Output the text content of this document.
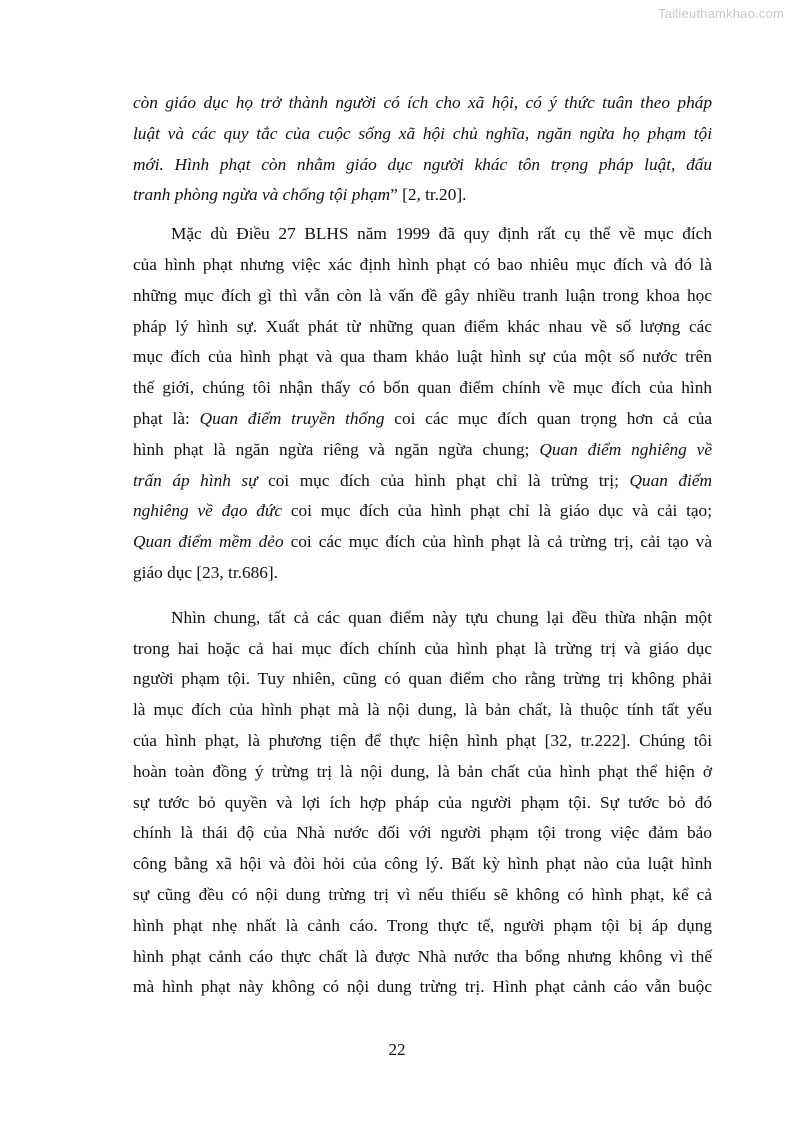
Tailieuthamkhao.com
còn giáo dục họ trở thành người có ích cho xã hội, có ý thức tuân theo pháp
luật và các quy tắc của cuộc sống xã hội chủ nghĩa, ngăn ngừa họ phạm tội
mới. Hình phạt còn nhằm giáo dục người khác tôn trọng pháp luật, đấu
tranh phòng ngừa và chống tội phạm” [2, tr.20].
Mặc dù Điều 27 BLHS năm 1999 đã quy định rất cụ thể về mục đích
của hình phạt nhưng việc xác định hình phạt có bao nhiêu mục đích và đó là
những mục đích gì thì vẫn còn là vấn đề gây nhiều tranh luận trong khoa học
pháp lý hình sự. Xuất phát từ những quan điểm khác nhau về số lượng các
mục đích của hình phạt và qua tham khảo luật hình sự của một số nước trên
thế giới, chúng tôi nhận thấy có bốn quan điểm chính về mục đích của hình
phạt là: Quan điểm truyền thống coi các mục đích quan trọng hơn cả của
hình phạt là ngăn ngừa riêng và ngăn ngừa chung; Quan điểm nghiêng về
trấn áp hình sự coi mục đích của hình phạt chỉ là trừng trị; Quan điểm
nghiêng về đạo đức coi mục đích của hình phạt chỉ là giáo dục và cải tạo;
Quan điểm mềm dẻo coi các mục đích của hình phạt là cả trừng trị, cải tạo và
giáo dục [23, tr.686].
Nhìn chung, tất cả các quan điểm này tựu chung lại đều thừa nhận một
trong hai hoặc cả hai mục đích chính của hình phạt là trừng trị và giáo dục
người phạm tội. Tuy nhiên, cũng có quan điểm cho rằng trừng trị không phải
là mục đích của hình phạt mà là nội dung, là bản chất, là thuộc tính tất yếu
của hình phạt, là phương tiện để thực hiện hình phạt [32, tr.222]. Chúng tôi
hoàn toàn đồng ý trừng trị là nội dung, là bản chất của hình phạt thể hiện ở
sự tước bỏ quyền và lợi ích hợp pháp của người phạm tội. Sự tước bỏ đó
chính là thái độ của Nhà nước đối với người phạm tội trong việc đảm bảo
công bằng xã hội và đòi hỏi của công lý. Bất kỳ hình phạt nào của luật hình
sự cũng đều có nội dung trừng trị vì nếu thiếu sẽ không có hình phạt, kể cả
hình phạt nhẹ nhất là cảnh cáo. Trong thực tế, người phạm tội bị áp dụng
hình phạt cảnh cáo thực chất là được Nhà nước tha bổng nhưng không vì thế
mà hình phạt này không có nội dung trừng trị. Hình phạt cảnh cáo vẫn buộc
22
